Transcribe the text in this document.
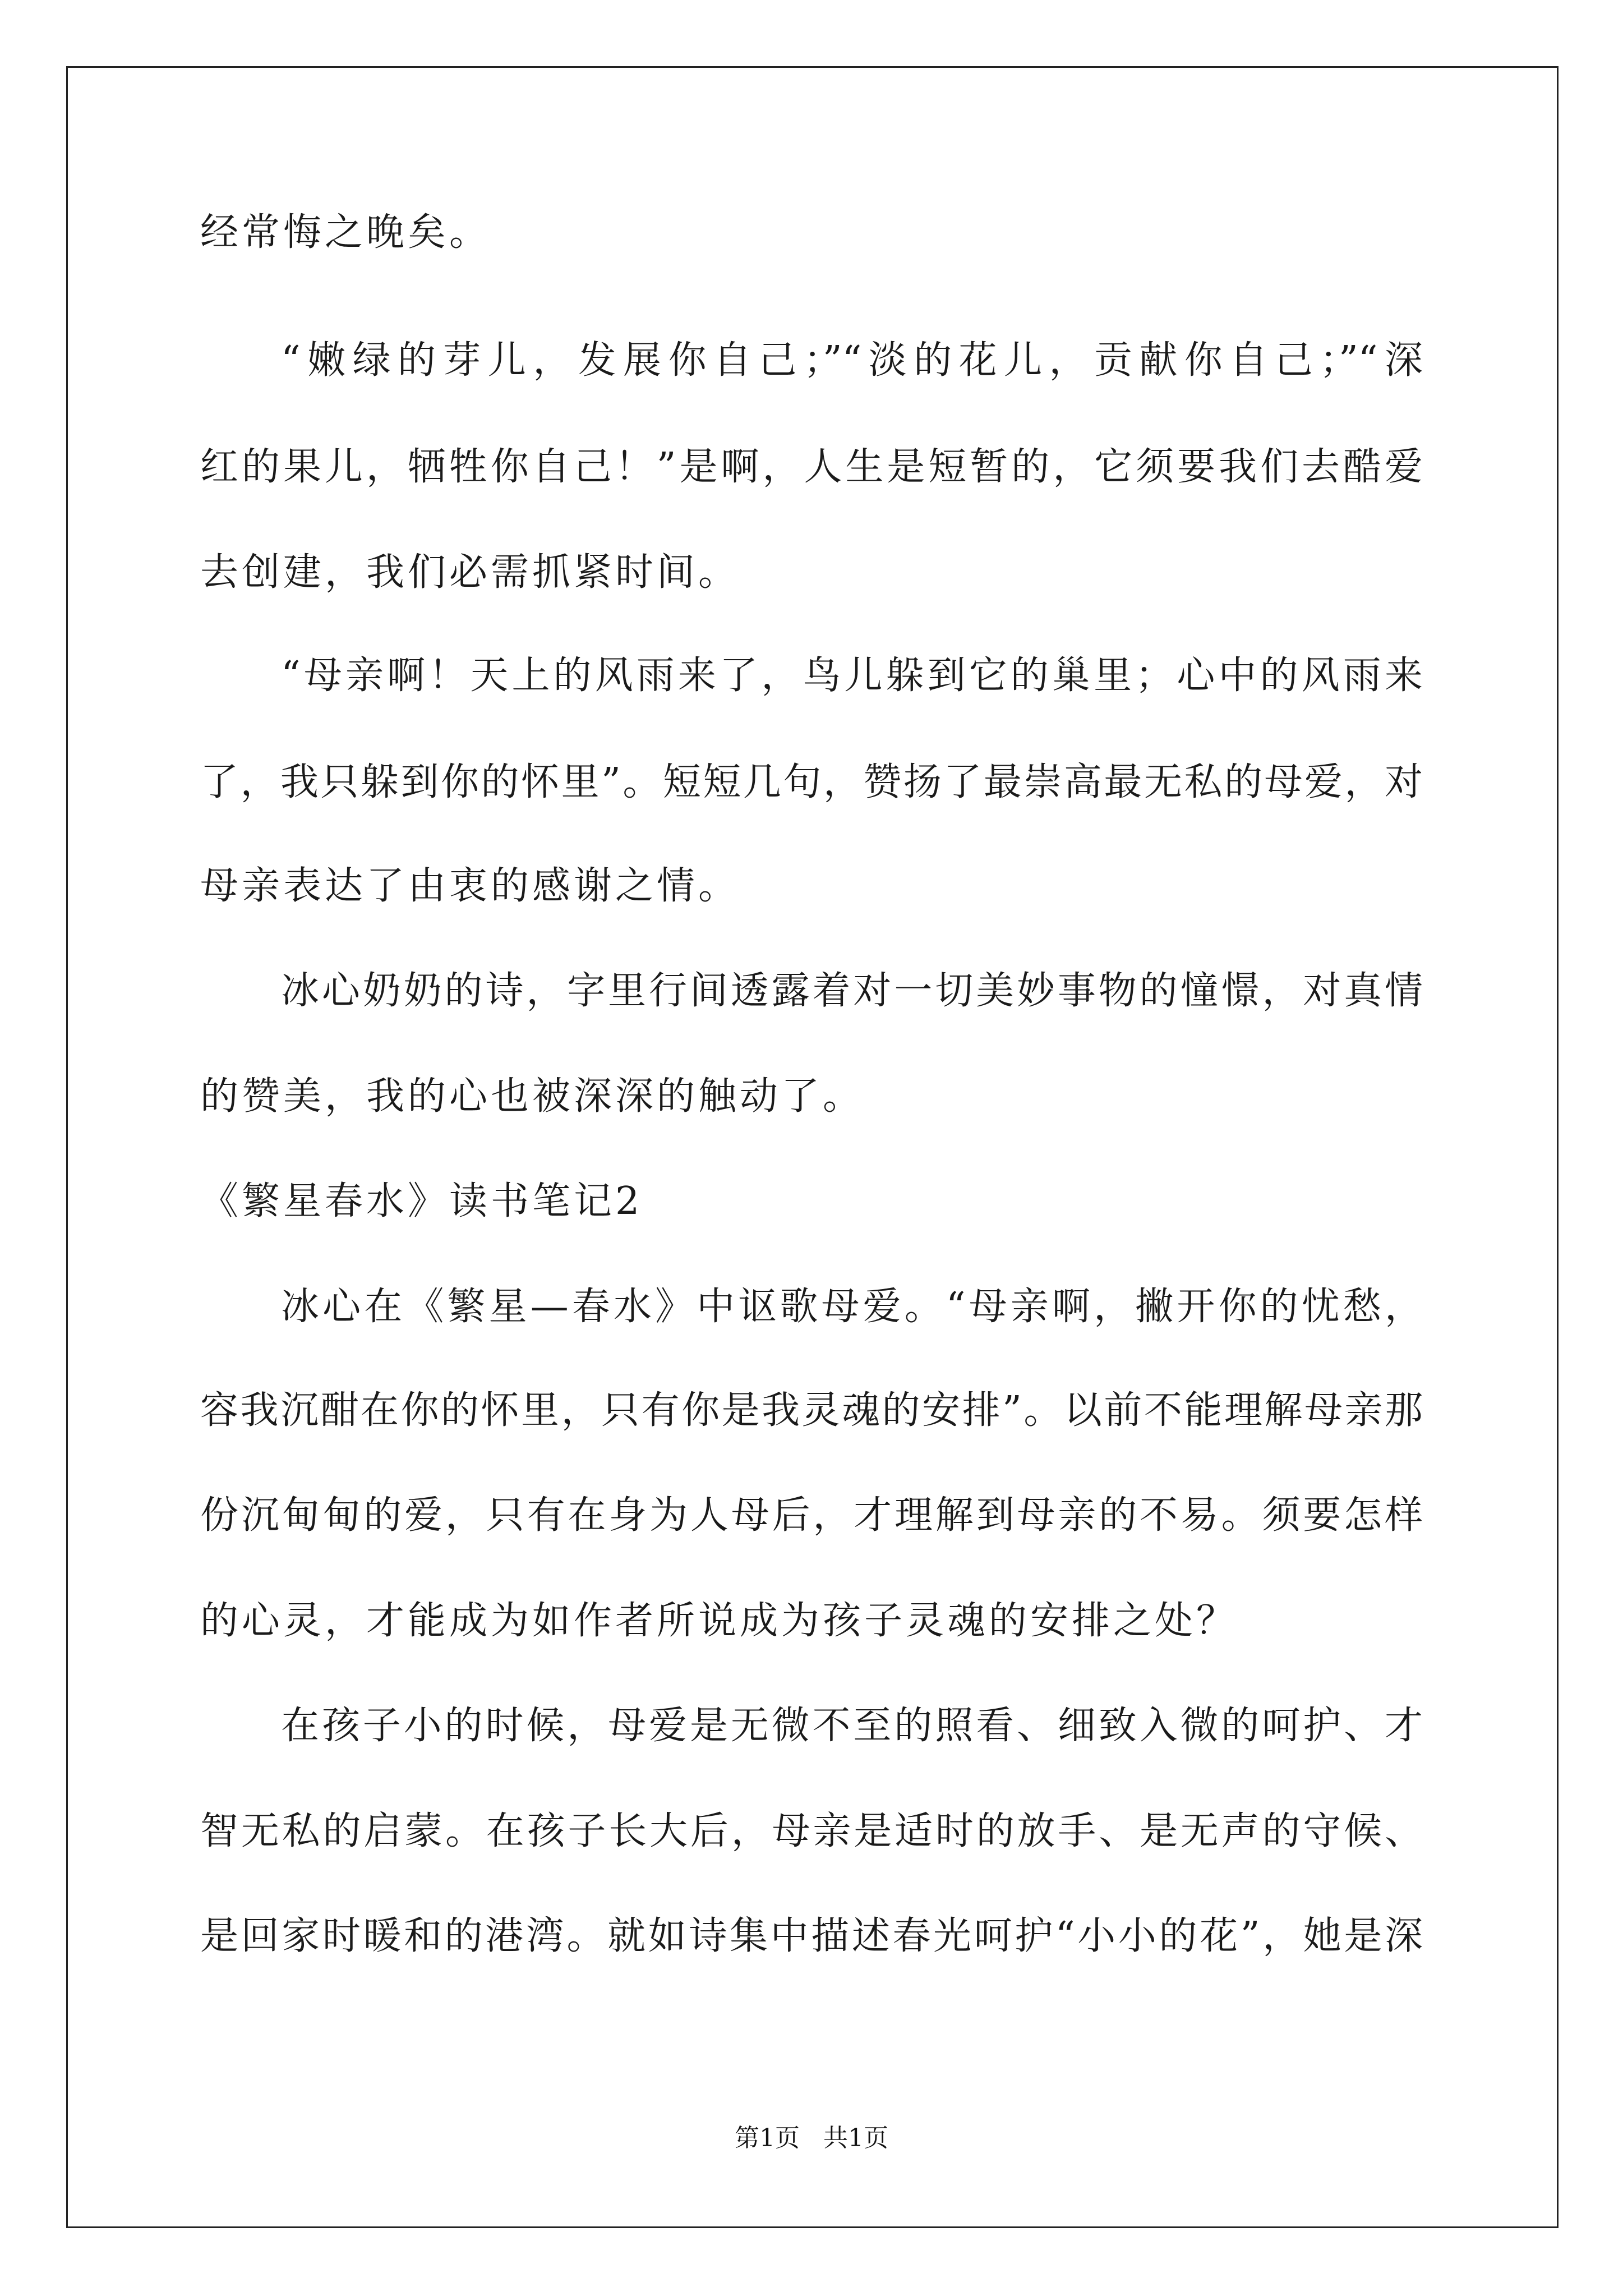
经常悔之晚矣。
“嫩绿的芽儿，发展你自己；”“淡的花儿，贡献你自己；”“深
红的果儿，牺牲你自己！”是啊，人生是短暂的，它须要我们去酷爱
去创建，我们必需抓紧时间。
“母亲啊！天上的风雨来了，鸟儿躲到它的巢里；心中的风雨来
了，我只躲到你的怀里”。短短几句，赞扬了最崇高最无私的母爱，对
母亲表达了由衷的感谢之情。
冰心奶奶的诗，字里行间透露着对一切美妙事物的憧憬，对真情
的赞美，我的心也被深深的触动了。
《繁星春水》读书笔记2
冰心在《繁星—春水》中讴歌母爱。“母亲啊，撇开你的忧愁，
容我沉酣在你的怀里，只有你是我灵魂的安排”。以前不能理解母亲那
份沉甸甸的爱，只有在身为人母后，才理解到母亲的不易。须要怎样
的心灵，才能成为如作者所说成为孩子灵魂的安排之处？
在孩子小的时候，母爱是无微不至的照看、细致入微的呵护、才
智无私的启蒙。在孩子长大后，母亲是适时的放手、是无声的守候、
是回家时暖和的港湾。就如诗集中描述春光呵护“小小的花”，她是深
第1页   共1页
